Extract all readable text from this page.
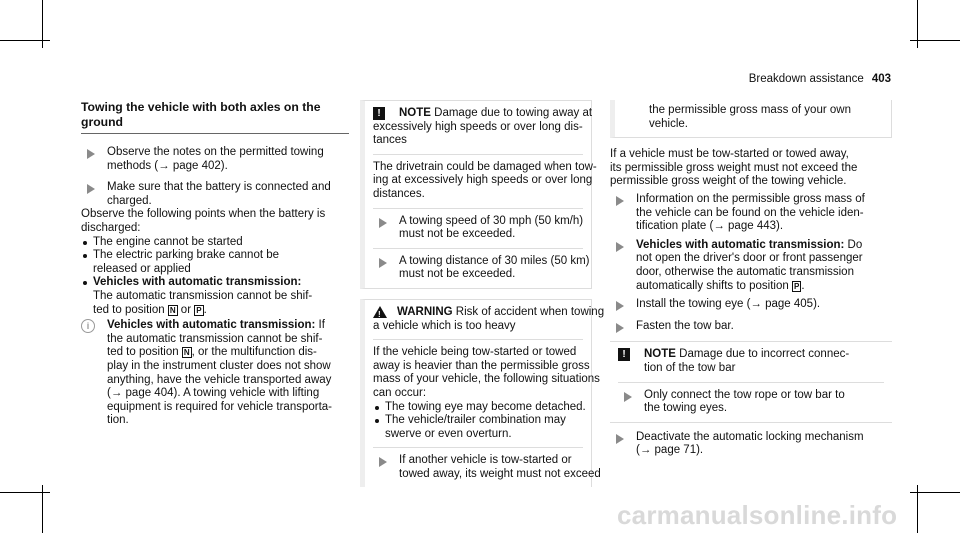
Breakdown assistance 403
Towing the vehicle with both axles on the
ground
Observe the notes on the permitted towing
methods (→ page 402).
Make sure that the battery is connected and
charged.
Observe the following points when the battery is
discharged:
The engine cannot be started
The electric parking brake cannot be
released or applied
Vehicles with automatic transmission:
The automatic transmission cannot be shif-
ted to position N or P .
i	Vehicles with automatic transmission: If
the automatic transmission cannot be shif-
ted to position N , or the multifunction dis-
play in the instrument cluster does not show
anything, have the vehicle transported away
(→ page 404). A towing vehicle with lifting
equipment is required for vehicle transporta-
tion.
! NOTE Damage due to towing away at
excessively high speeds or over long dis-
tances
The drivetrain could be damaged when tow-
ing at excessively high speeds or over long
distances.
A towing speed of 30 mph (50 km/h)
must not be exceeded.
A towing distance of 30 miles (50 km)
must not be exceeded.
! WARNING Risk of accident when towing
a vehicle which is too heavy
If the vehicle being tow-started or towed
away is heavier than the permissible gross
mass of your vehicle, the following situations
can occur:
The towing eye may become detached.
The vehicle/trailer combination may
swerve or even overturn.
If another vehicle is tow-started or
towed away, its weight must not exceed
the permissible gross mass of your own
vehicle.
If a vehicle must be tow-started or towed away,
its permissible gross weight must not exceed the
permissible gross weight of the towing vehicle.
Information on the permissible gross mass of
the vehicle can be found on the vehicle iden-
tification plate (→ page 443).
Vehicles with automatic transmission: Do
not open the driver's door or front passenger
door, otherwise the automatic transmission
automatically shifts to position P .
Install the towing eye (→ page 405).
Fasten the tow bar.
! NOTE Damage due to incorrect connec-
tion of the tow bar
Only connect the tow rope or tow bar to
the towing eyes.
Deactivate the automatic locking mechanism
(→ page 71).
carmanualsonline.info
